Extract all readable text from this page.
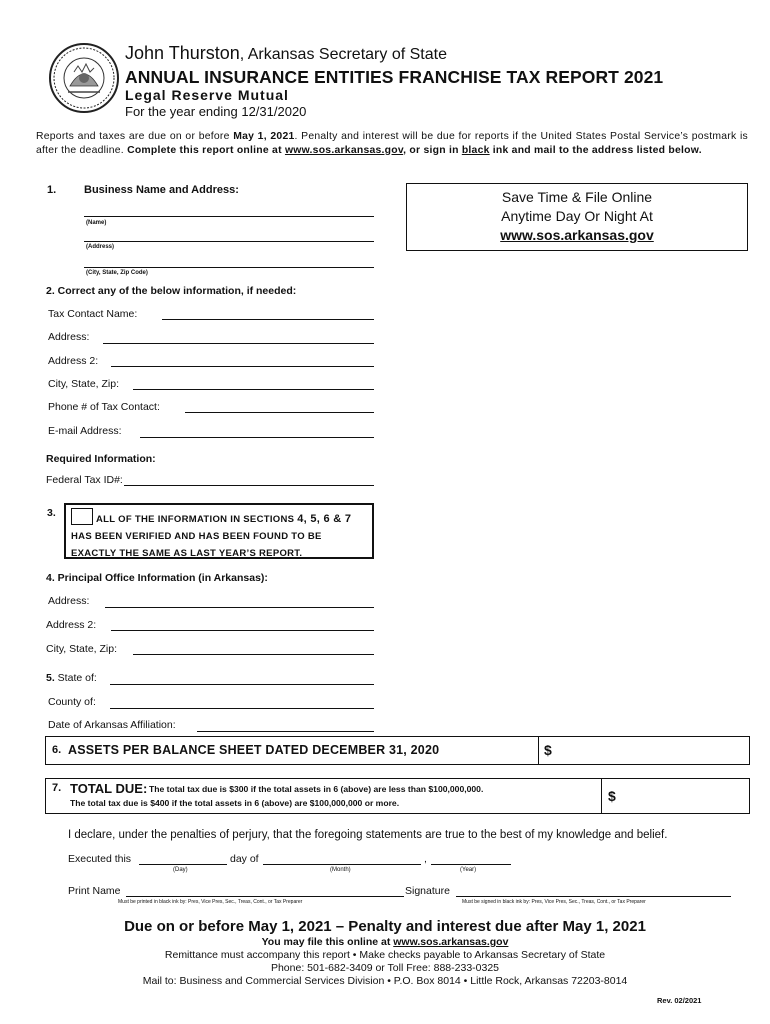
John Thurston, Arkansas Secretary of State
ANNUAL INSURANCE ENTITIES FRANCHISE TAX REPORT 2021
Legal Reserve Mutual
For the year ending 12/31/2020
Reports and taxes are due on or before May 1, 2021. Penalty and interest will be due for reports if the United States Postal Service’s postmark is after the deadline. Complete this report online at www.sos.arkansas.gov, or sign in black ink and mail to the address listed below.
1.	Business Name and Address:
(Name)
(Address)
(City, State, Zip Code)
Save Time & File Online
Anytime Day Or Night At
www.sos.arkansas.gov
2. Correct any of the below information, if needed:
Tax Contact Name:
Address:
Address 2:
City, State, Zip:
Phone # of Tax Contact:
E-mail Address:
Required Information:
Federal Tax ID#:
3.
ALL OF THE INFORMATION IN SECTIONS 4, 5, 6 & 7
HAS BEEN VERIFIED AND HAS BEEN FOUND TO BE
EXACTLY THE SAME AS LAST YEAR’S REPORT.
4. Principal Office Information (in Arkansas):
Address:
Address 2:
City, State, Zip:
5. State of:
County of:
Date of Arkansas Affiliation:
6. ASSETS PER BALANCE SHEET DATED DECEMBER 31, 2020	$
7. TOTAL DUE: The total tax due is $300 if the total assets in 6 (above) are less than $100,000,000.
The total tax due is $400 if the total assets in 6 (above) are $100,000,000 or more.	$
I declare, under the penalties of perjury, that the foregoing statements are true to the best of my knowledge and belief.
Executed this
(Day)
day of
(Month)
,
(Year)
Print Name
Must be printed in black ink by: Pres, Vice Pres, Sec., Treas, Cont., or Tax Preparer
Signature
Must be signed in black ink by: Pres, Vice Pres, Sec., Treas, Cont., or Tax Preparer
Due on or before May 1, 2021 – Penalty and interest due after May 1, 2021
You may file this online at www.sos.arkansas.gov
Remittance must accompany this report • Make checks payable to Arkansas Secretary of State
Phone: 501-682-3409 or Toll Free: 888-233-0325
Mail to: Business and Commercial Services Division • P.O. Box 8014 • Little Rock, Arkansas 72203-8014
Rev. 02/2021
